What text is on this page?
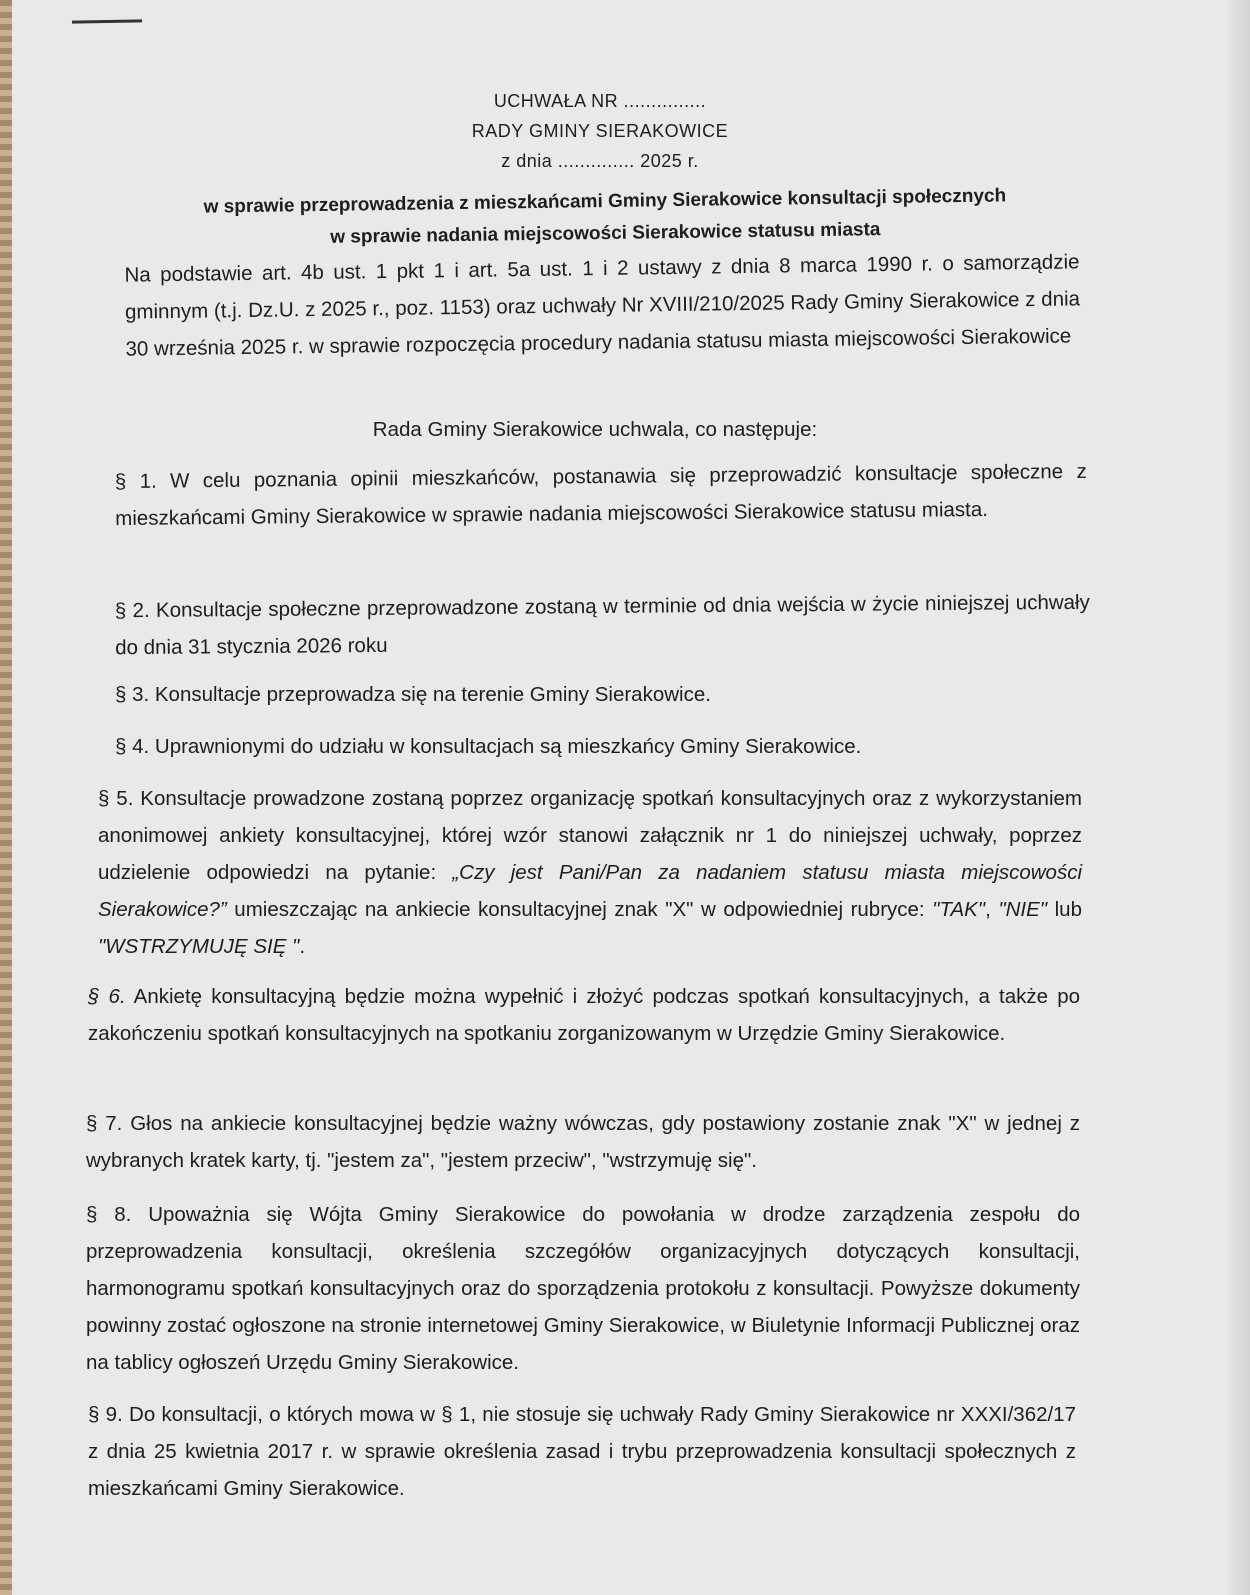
UCHWAŁA NR ...............
RADY GMINY SIERAKOWICE
z dnia .............. 2025 r.
w sprawie przeprowadzenia z mieszkańcami Gminy Sierakowice konsultacji społecznych
w sprawie nadania miejscowości Sierakowice statusu miasta
Na podstawie art. 4b ust. 1 pkt 1 i art. 5a ust. 1 i 2 ustawy z dnia 8 marca 1990 r. o samorządzie gminnym (t.j. Dz.U. z 2025 r., poz. 1153) oraz uchwały Nr XVIII/210/2025 Rady Gminy Sierakowice z dnia 30 września 2025 r. w sprawie rozpoczęcia procedury nadania statusu miasta miejscowości Sierakowice
Rada Gminy Sierakowice uchwala, co następuje:
§ 1. W celu poznania opinii mieszkańców, postanawia się przeprowadzić konsultacje społeczne z mieszkańcami Gminy Sierakowice w sprawie nadania miejscowości Sierakowice statusu miasta.
§ 2. Konsultacje społeczne przeprowadzone zostaną w terminie od dnia wejścia w życie niniejszej uchwały do dnia 31 stycznia 2026 roku
§ 3. Konsultacje przeprowadza się na terenie Gminy Sierakowice.
§ 4. Uprawnionymi do udziału w konsultacjach są mieszkańcy Gminy Sierakowice.
§ 5. Konsultacje prowadzone zostaną poprzez organizację spotkań konsultacyjnych oraz z wykorzystaniem anonimowej ankiety konsultacyjnej, której wzór stanowi załącznik nr 1 do niniejszej uchwały, poprzez udzielenie odpowiedzi na pytanie: „Czy jest Pani/Pan za nadaniem statusu miasta miejscowości Sierakowice?” umieszczając na ankiecie konsultacyjnej znak "X" w odpowiedniej rubryce: "TAK", "NIE" lub "WSTRZYMUJĘ SIĘ ".
§ 6. Ankietę konsultacyjną będzie można wypełnić i złożyć podczas spotkań konsultacyjnych, a także po zakończeniu spotkań konsultacyjnych na spotkaniu zorganizowanym w Urzędzie Gminy Sierakowice.
§ 7. Głos na ankiecie konsultacyjnej będzie ważny wówczas, gdy postawiony zostanie znak "X" w jednej z wybranych kratek karty, tj. "jestem za", "jestem przeciw", "wstrzymuję się".
§ 8. Upoważnia się Wójta Gminy Sierakowice do powołania w drodze zarządzenia zespołu do przeprowadzenia konsultacji, określenia szczegółów organizacyjnych dotyczących konsultacji, harmonogramu spotkań konsultacyjnych oraz do sporządzenia protokołu z konsultacji. Powyższe dokumenty powinny zostać ogłoszone na stronie internetowej Gminy Sierakowice, w Biuletynie Informacji Publicznej oraz na tablicy ogłoszeń Urzędu Gminy Sierakowice.
§ 9. Do konsultacji, o których mowa w § 1, nie stosuje się uchwały Rady Gminy Sierakowice nr XXXI/362/17 z dnia 25 kwietnia 2017 r. w sprawie określenia zasad i trybu przeprowadzenia konsultacji społecznych z mieszkańcami Gminy Sierakowice.
